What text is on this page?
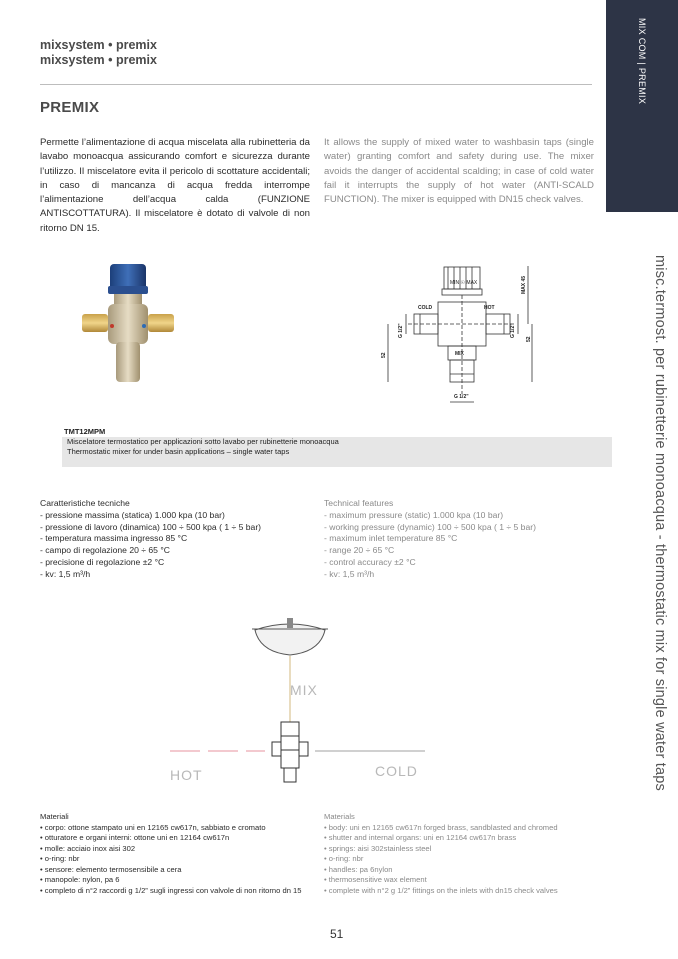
mixsystem • premix
mixsystem • premix
PREMIX
MIX COM | PREMIX
misc.termost. per rubinetterie monoacqua - thermostatic mix for single water taps
Permette l’alimentazione di acqua miscelata alla rubinetteria da lavabo monoacqua assicurando comfort e sicurezza durante l’utilizzo. Il miscelatore evita il pericolo di scottature accidentali; in caso di mancanza di acqua fredda interrompe l’alimentazione dell’acqua calda (FUNZIONE ANTISCOTTATURA). Il miscelatore è dotato di valvole di non ritorno DN 15.
It allows the supply of mixed water to washbasin taps (single water) granting comfort and safety during use. The mixer avoids the danger of accidental scalding; in case of cold water fail it interrupts the supply of hot water (ANTI-SCALD FUNCTION). The mixer is equipped with DN15 check valves.
MIN ☉ MAX
COLD	HOT
MAX 45
G 1/2"	G 1/2"
52
52
MIX
G 1/2"
TMT12MPM
Miscelatore termostatico per applicazioni sotto lavabo per rubinetterie monoacqua
Thermostatic mixer for under basin applications – single water taps
Caratteristiche tecniche
- pressione massima (statica) 1.000 kpa (10 bar)
- pressione di lavoro (dinamica) 100 ÷ 500 kpa ( 1 ÷ 5 bar)
- temperatura massima ingresso 85 °C
- campo di regolazione 20 ÷ 65 °C
- precisione di regolazione ±2 °C
- kv: 1,5 m³/h
Technical features
- maximum pressure (static) 1.000 kpa (10 bar)
- working pressure (dynamic) 100 ÷ 500 kpa ( 1 ÷ 5 bar)
- maximum inlet temperature 85 °C
- range 20 ÷ 65 °C
- control accuracy ±2 °C
- kv: 1,5 m³/h
MIX
HOT	COLD
Materiali
• corpo: ottone stampato uni en 12165 cw617n, sabbiato e cromato
• otturatore e organi interni: ottone uni en 12164 cw617n
• molle: acciaio inox aisi 302
• o-ring: nbr
• sensore: elemento termosensibile a cera
• manopole: nylon, pa 6
• completo di n°2 raccordi g 1/2” sugli ingressi con valvole di non ritorno dn 15
Materials
• body: uni en 12165 cw617n forged brass, sandblasted and chromed
• shutter and internal organs: uni en 12164 cw617n brass
• springs: aisi 302stainless steel
• o-ring: nbr
• handles: pa 6nylon
• thermosensitive wax element
• complete with n°2 g 1/2” fittings on the inlets with dn15 check valves
51
